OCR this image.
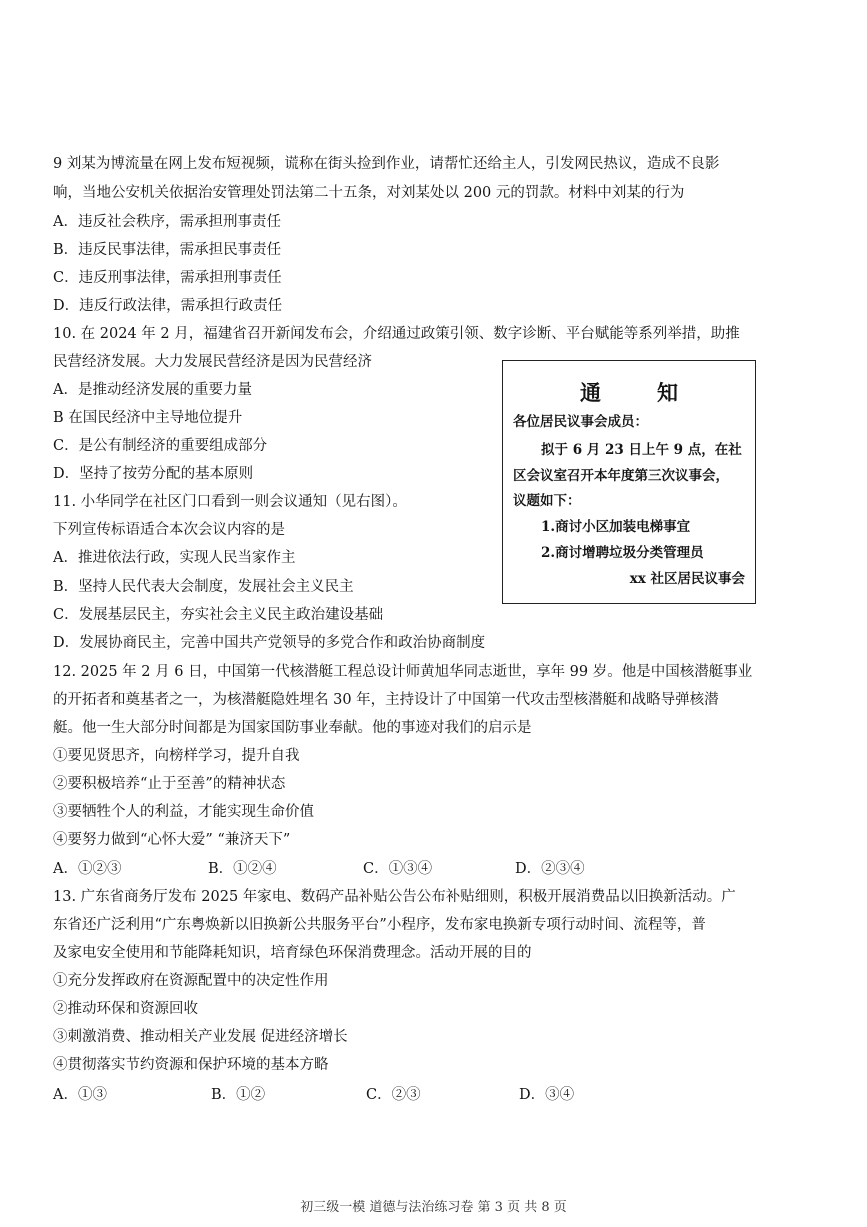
9 刘某为博流量在网上发布短视频，谎称在街头捡到作业，请帮忙还给主人，引发网民热议，造成不良影
响，当地公安机关依据治安管理处罚法第二十五条，对刘某处以 200 元的罚款。材料中刘某的行为
A．违反社会秩序，需承担刑事责任
B．违反民事法律，需承担民事责任
C．违反刑事法律，需承担刑事责任
D．违反行政法律，需承担行政责任
10. 在 2024 年 2 月，福建省召开新闻发布会，介绍通过政策引领、数字诊断、平台赋能等系列举措，助推
民营经济发展。大力发展民营经济是因为民营经济
A．是推动经济发展的重要力量
B 在国民经济中主导地位提升
C．是公有制经济的重要组成部分
D．坚持了按劳分配的基本原则
11. 小华同学在社区门口看到一则会议通知（见右图）。
下列宣传标语适合本次会议内容的是
A．推进依法行政，实现人民当家作主
B．坚持人民代表大会制度，发展社会主义民主
C．发展基层民主，夯实社会主义民主政治建设基础
D．发展协商民主，完善中国共产党领导的多党合作和政治协商制度
通知
各位居民议事会成员：
拟于 6 月 23 日上午 9 点，在社
区会议室召开本年度第三次议事会，
议题如下：
1.商讨小区加装电梯事宜
2.商讨增聘垃圾分类管理员
xx 社区居民议事会
12. 2025 年 2 月 6 日，中国第一代核潜艇工程总设计师黄旭华同志逝世，享年 99 岁。他是中国核潜艇事业
的开拓者和奠基者之一，为核潜艇隐姓埋名 30 年，主持设计了中国第一代攻击型核潜艇和战略导弹核潜
艇。他一生大部分时间都是为国家国防事业奉献。他的事迹对我们的启示是
①要见贤思齐，向榜样学习，提升自我
②要积极培养“止于至善”的精神状态
③要牺牲个人的利益，才能实现生命价值
④要努力做到“心怀大爱” “兼济天下”
A．①②③	B．①②④	C．①③④	D．②③④
13. 广东省商务厅发布 2025 年家电、数码产品补贴公告公布补贴细则，积极开展消费品以旧换新活动。广
东省还广泛利用“广东粤焕新以旧换新公共服务平台”小程序，发布家电换新专项行动时间、流程等，普
及家电安全使用和节能降耗知识，培育绿色环保消费理念。活动开展的目的
①充分发挥政府在资源配置中的决定性作用
②推动环保和资源回收
③刺激消费、推动相关产业发展 促进经济增长
④贯彻落实节约资源和保护环境的基本方略
A．①③	B．①②	C．②③	D．③④
初三级一模 道德与法治练习卷 第 3 页 共 8 页
